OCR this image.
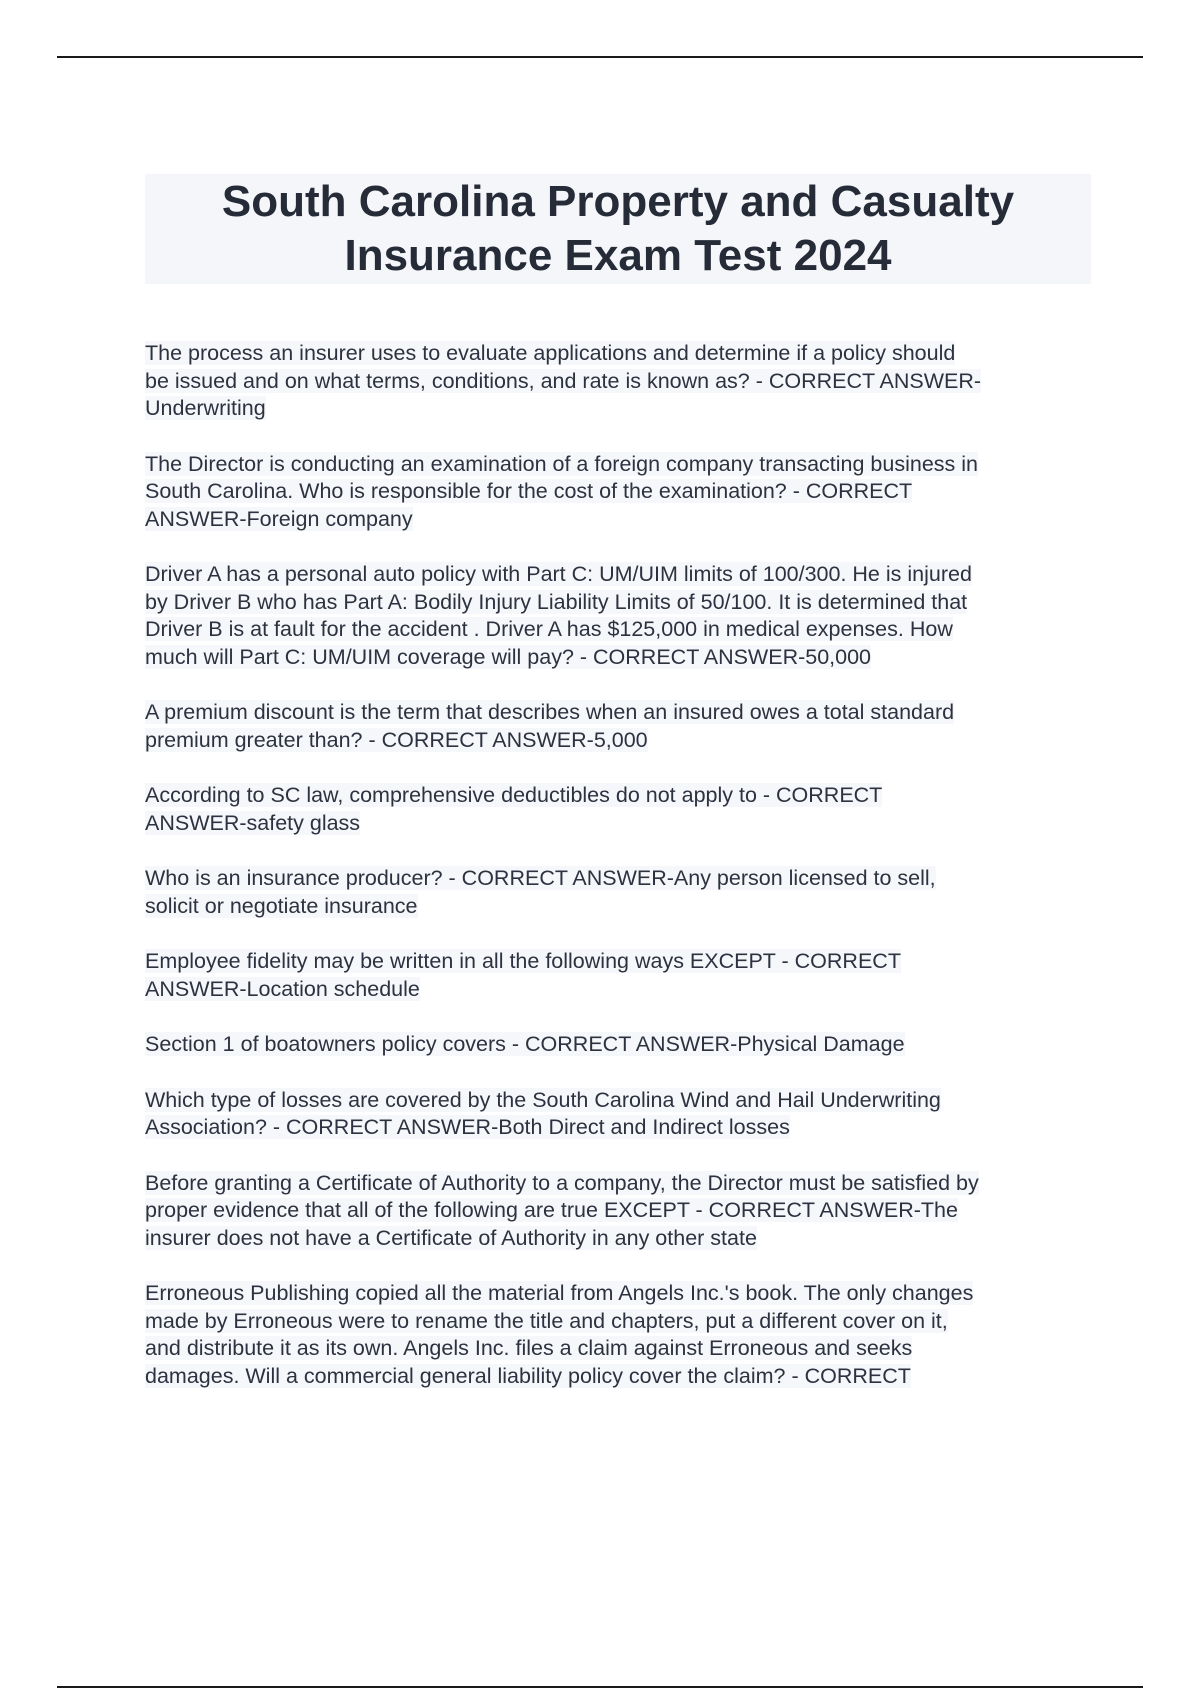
South Carolina Property and Casualty
Insurance Exam Test 2024
The process an insurer uses to evaluate applications and determine if a policy should
be issued and on what terms, conditions, and rate is known as? - CORRECT ANSWER-
Underwriting
The Director is conducting an examination of a foreign company transacting business in
South Carolina. Who is responsible for the cost of the examination? - CORRECT
ANSWER-Foreign company
Driver A has a personal auto policy with Part C: UM/UIM limits of 100/300. He is injured
by Driver B who has Part A: Bodily Injury Liability Limits of 50/100. It is determined that
Driver B is at fault for the accident . Driver A has $125,000 in medical expenses. How
much will Part C: UM/UIM coverage will pay? - CORRECT ANSWER-50,000
A premium discount is the term that describes when an insured owes a total standard
premium greater than? - CORRECT ANSWER-5,000
According to SC law, comprehensive deductibles do not apply to - CORRECT
ANSWER-safety glass
Who is an insurance producer? - CORRECT ANSWER-Any person licensed to sell,
solicit or negotiate insurance
Employee fidelity may be written in all the following ways EXCEPT - CORRECT
ANSWER-Location schedule
Section 1 of boatowners policy covers - CORRECT ANSWER-Physical Damage
Which type of losses are covered by the South Carolina Wind and Hail Underwriting
Association? - CORRECT ANSWER-Both Direct and Indirect losses
Before granting a Certificate of Authority to a company, the Director must be satisfied by
proper evidence that all of the following are true EXCEPT - CORRECT ANSWER-The
insurer does not have a Certificate of Authority in any other state
Erroneous Publishing copied all the material from Angels Inc.'s book. The only changes
made by Erroneous were to rename the title and chapters, put a different cover on it,
and distribute it as its own. Angels Inc. files a claim against Erroneous and seeks
damages. Will a commercial general liability policy cover the claim? - CORRECT
